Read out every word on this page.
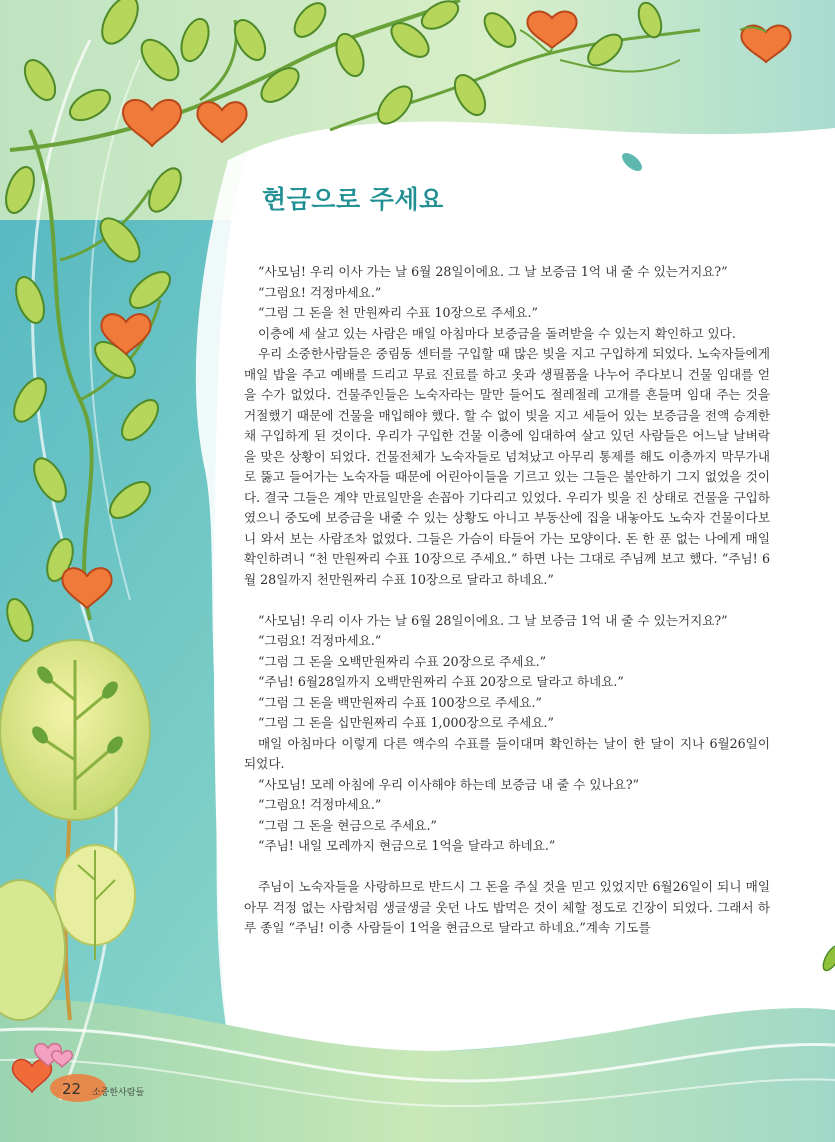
현금으로 주세요

“사모님! 우리 이사 가는 날 6월 28일이에요. 그 날 보증금 1억 내 줄 수 있는거지요?”

“그럼요! 걱정마세요.”

“그럼 그 돈을 천 만원짜리 수표 10장으로 주세요.”

이층에 세 살고 있는 사람은 매일 아침마다 보증금을 돌려받을 수 있는지 확인하고 있다.

우리 소중한사람들은 중림동 센터를 구입할 때 많은 빚을 지고 구입하게 되었다. 노숙자들에게 매일 밥을 주고 예배를 드리고 무료 진료를 하고 옷과 생필품을 나누어 주다보니 건물 임대를 얻을 수가 없었다. 건물주인들은 노숙자라는 말만 들어도 절레절레 고개를 흔들며 임대 주는 것을 거절했기 때문에 건물을 매입해야 했다. 할 수 없이 빚을 지고 세들어 있는 보증금을 전액 승계한 채 구입하게 된 것이다. 우리가 구입한 건물 이층에 임대하여 살고 있던 사람들은 어느날 날벼락을 맞은 상황이 되었다. 건물전체가 노숙자들로 넘쳐났고 아무리 통제를 해도 이층까지 막무가내로 뚫고 들어가는 노숙자들 때문에 어린아이들을 기르고 있는 그들은 불안하기 그지 없었을 것이다. 결국 그들은 계약 만료일만을 손꼽아 기다리고 있었다. 우리가 빚을 진 상태로 건물을 구입하였으니 중도에 보증금을 내줄 수 있는 상황도 아니고 부동산에 집을 내놓아도 노숙자 건물이다보니 와서 보는 사람조차 없었다. 그들은 가슴이 타들어 가는 모양이다. 돈 한 푼 없는 나에게 매일 확인하려니 “천 만원짜리 수표 10장으로 주세요.” 하면 나는 그대로 주님께 보고 했다. “주님! 6월 28일까지 천만원짜리 수표 10장으로 달라고 하네요.”

“사모님! 우리 이사 가는 날 6월 28일이에요. 그 날 보증금 1억 내 줄 수 있는거지요?”

“그럼요! 걱정마세요.”

“그럼 그 돈을 오백만원짜리 수표 20장으로 주세요.”

“주님! 6월28일까지 오백만원짜리 수표 20장으로 달라고 하네요.”

“그럼 그 돈을 백만원짜리 수표 100장으로 주세요.”

“그럼 그 돈을 십만원짜리 수표 1,000장으로 주세요.”

매일 아침마다 이렇게 다른 액수의 수표를 들이대며 확인하는 날이 한 달이 지나 6월26일이 되었다.

“사모님! 모레 아침에 우리 이사해야 하는데 보증금 내 줄 수 있나요?”

“그럼요! 걱정마세요.”

“그럼 그 돈을 현금으로 주세요.”

“주님! 내일 모레까지 현금으로 1억을 달라고 하네요.”

주님이 노숙자들을 사랑하므로 반드시 그 돈을 주실 것을 믿고 있었지만 6월26일이 되니 매일 아무 걱정 없는 사람처럼 생글생글 웃던 나도 밥먹은 것이 체할 정도로 긴장이 되었다. 그래서 하루 종일 “주님! 이층 사람들이 1억을 현금으로 달라고 하네요.”계속 기도를

22 소중한사람들
